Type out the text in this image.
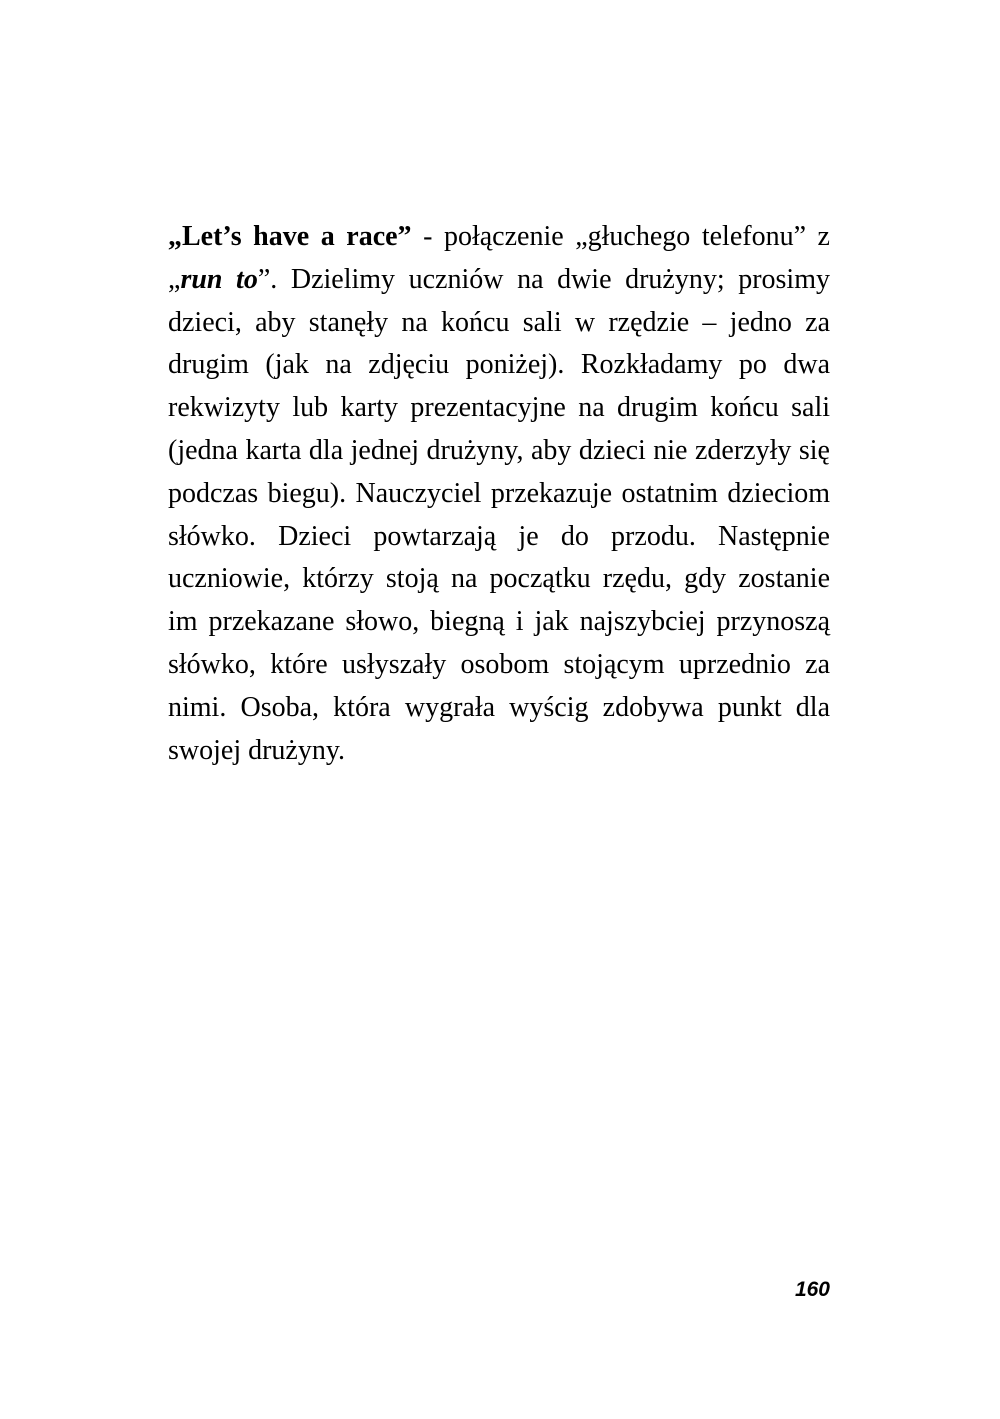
„Let’s have a race” - połączenie „głuchego telefonu” z „run to”. Dzielimy uczniów na dwie drużyny; prosimy dzieci, aby stanęły na końcu sali w rzędzie – jedno za drugim (jak na zdjęciu poniżej). Rozkładamy po dwa rekwizyty lub karty prezentacyjne na drugim końcu sali (jedna karta dla jednej drużyny, aby dzieci nie zderzyły się podczas biegu). Nauczyciel przekazuje ostatnim dzieciom słówko. Dzieci powtarzają je do przodu. Następnie uczniowie, którzy stoją na początku rzędu, gdy zostanie im przekazane słowo, biegną i jak najszybciej przynoszą słówko, które usłyszały osobom stojącym uprzednio za nimi. Osoba, która wygrała wyścig zdobywa punkt dla swojej drużyny.

160
